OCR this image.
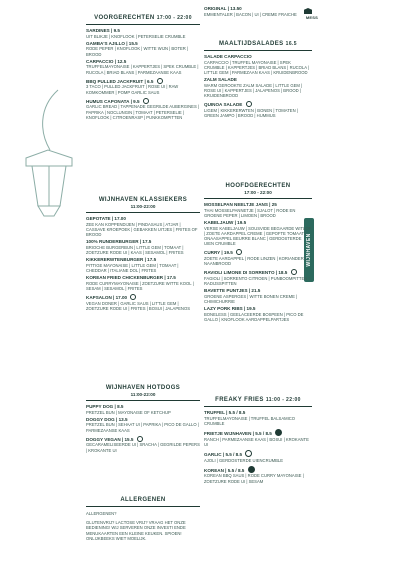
MESS
WIJNHAVEN
VOORGERECHTEN 17:00 - 22:00
SARDINES | 9.5
UIT BLIKJE | KNOFLOOK | PETERSELIE CRUMBLE
GAMBA'S AJILLO | 15.5
RODE PEPER | KNOFLOOK | WITTE WIJN | BOTER | BROOD
CARPACCIO | 12.5
TRUFFELMAYONAISE | KAPPERTJES | SPEK CRUMBLE | RUCOLA | BRIAD BLANS | PARMEZAANSE KAAS
BBQ PULLED JACKFRUIT | 6.5
3 TACO | PULLED JACKFRUIT | ROSE UI | RAW KOMKOMMER | POMP GARLIC SAUS
HUMUS CAPONATA | 9.5
GARLIC BREAD | TAPPENADE GEGRILDE AUBERGINES | PAPRIKA | NOCLUNGIN | TOMAAT | PETERSELIE | KNOFLOOK | CITROENRASP | PUNKKOMPITTEN
WIJNHAVEN KLASSIEKERS
11:00-22:00
GEPOTATE | 17.00
ZEE KAN KOPPENDIJEN | PINDASAUS | ATJAR | CASSAVE KROEPOEK | GEBAKKEN UITJES | FRITES OF BROOD
100% RUNDERBURGER | 17.5
BRIOCHE BURGERBUN | LITTLE GEM | TOMAAT | ZOETZURE RODE UI | KAAS | SESAMOL | FRITES
KIKKERERWTENBURGER | 17.5
PITTIGE MAYONAISE | LITTLE GEM | TOMAAT | CHEDDAR | ITALIANE DOL | FRITES
KOREAN FRIED CHICKENBURGER | 17.5
RODE CURRYMAYONAISE | ZOETZURE WITTE KOOL | SESAM | SESAMOL | FRITES
KAPSALON | 17.00
VEGAN DONER | GARLIC SAUS | LITTLE GEM | ZOETZURE RODE UI | FRITES | BOSUI | JALAPENOS
WIJNHAVEN HOTDOGS
11:00-22:00
PUPPY DOG | 8.5
PRETZEL BUN | MAYONAISE OF KETCHUP
DOGGY DOG | 13.5
PRETZEL BUN | SEHAAT UI | PAPRIKA | PICO DE GALLO | PARMEZAANSE KAAS
DOGGY VEGAN | 15.5
GECARAMELISEERDE UI | SRACHA | GEGRILDE PEPERS | KROKANTE UI
ALLERGENEN
ALLERGENEN?
GLUTENVRIJ? LACTOSE VRIJ? VRAAG HET ONZE BEDIENING! WIJ SERVEREN ONZE INVESTI ENDE MENUKAARTEN EEN KLEINE KEUKEN. SPIOEN! ONLIJKBEEKS WIET MOELIJK.
ORIGINAL | 13.50
EMMENTALER | BACON | UI | CREME FRAICHE
MAALTIJDSALADES 16.5
SALADE CARPACCIO
CARPACCIO | TRUFFEL MAYONAISE | SPEK CRUMBLE | KAPPERTJES | BRIAD BLANS | RUCOLA | LITTLE GEM | PARMEZAAN KAAS | KRUIDENBROOD
ZALM SALADE
WARM GEROOKTE ZALM SALADE | LITTLE GEM | ROSE UI | KAPPERTJES | JALAPENOS | BROOD | KRUIDENBROOD
QUINOA SALADE
LIGEM | KIKKERERWTEN | BONEN | TOMATEN | GREEN JAMPO | BROOD | HUMMUS
HOOFDGERECHTEN
17:00 - 22:00
MOSSELPAN NEELTJE JANS | 25
THAI MOSSELPANNETJE | SJALOT | RODE EN GROENE PEPER | LIMOEN | BROOD
KABELJAUW | 19.5
VERSE KABELJAUW | SOUSVIDE BEGAARDE WITLOF | ZOETE AARDAPPEL CREME | GEPOFTE TOMAAT | ONAASAPPEL BEURRE BLANC | GERDOSTERDE UIEN CRUMBLE
CURRY | 19.5
ZOETE AARDAPPEL | RODE LINZEN | KORIANDER | NAANBROOD
RAVIOLI LIMONE DI SORRENTO | 18.5
FAGIOLI | SORRENTO CITROEN | PUNBOOMPITTEN | RADIJSSPITTEN
BAVETTE PUNTJES | 21.5
GROENE ASPERGES | WITTE BONEN CREME | CHIMICHURRIE
LAZY PORK RIBS | 19.5
BONELESS | GEELACEERDE BOSPEEN | PICO DE GALLO | KNOFLOOK AARDAPPELPARTJES
FREAKY FRIES 11:00 - 22:00
TRUFFEL | 5.5 / 8.5
TRUFFELMAYONAISE | TRUFFEL BALSAMICO CRUMBLE
FRIETJE WIJNHAVEN | 5.5 / 8.5
RANCH | PARMEZAANSE KAAS | BOSUI | KROKANTE UI
GARLIC | 5.5 / 8.5
AJOLI | GERDOSTERDE UIENCRUMBLE
KOREAN | 5.5 / 8.5
KOREAN BBQ SAUS | RODE CURRY MAYONAISE | ZOETZURE RODE UI | SESAM
